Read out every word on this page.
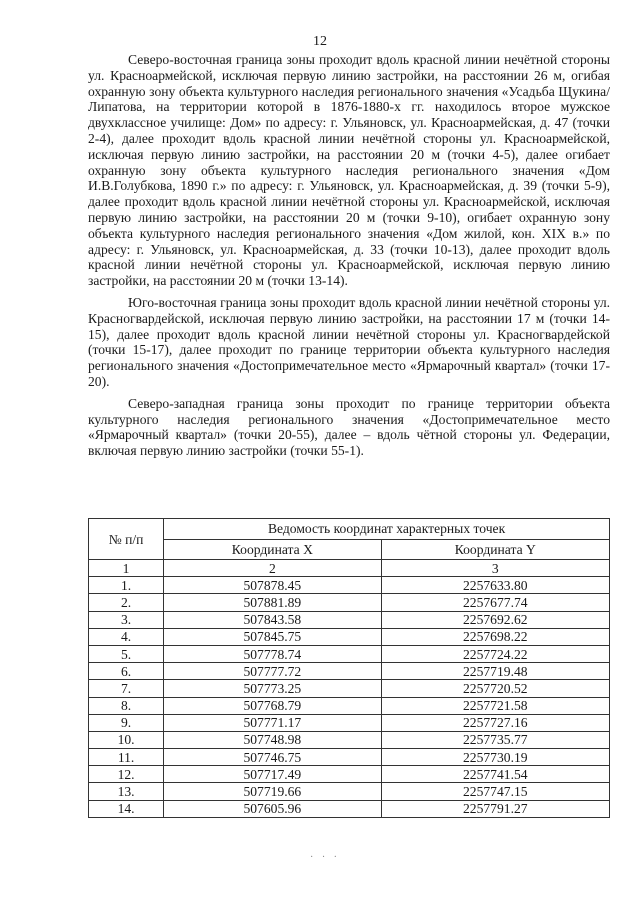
12

Северо-восточная граница зоны проходит вдоль красной линии нечётной стороны ул. Красноармейской, исключая первую линию застройки, на расстоянии 26 м, огибая охранную зону объекта культурного наследия регионального значения «Усадьба Щукина/Липатова, на территории которой в 1876-1880-х гг. находилось второе мужское двухклассное училище: Дом» по адресу: г. Ульяновск, ул. Красноармейская, д. 47 (точки 2-4), далее проходит вдоль красной линии нечётной стороны ул. Красноармейской, исключая первую линию застройки, на расстоянии 20 м (точки 4-5), далее огибает охранную зону объекта культурного наследия регионального значения «Дом И.В.Голубкова, 1890 г.» по адресу: г. Ульяновск, ул. Красноармейская, д. 39 (точки 5-9), далее проходит вдоль красной линии нечётной стороны ул. Красноармейской, исключая первую линию застройки, на расстоянии 20 м (точки 9-10), огибает охранную зону объекта культурного наследия регионального значения «Дом жилой, кон. XIX в.» по адресу: г. Ульяновск, ул. Красноармейская, д. 33 (точки 10-13), далее проходит вдоль красной линии нечётной стороны ул. Красноармейской, исключая первую линию застройки, на расстоянии 20 м (точки 13-14).

Юго-восточная граница зоны проходит вдоль красной линии нечётной стороны ул. Красногвардейской, исключая первую линию застройки, на расстоянии 17 м (точки 14-15), далее проходит вдоль красной линии нечётной стороны ул. Красногвардейской (точки 15-17), далее проходит по границе территории объекта культурного наследия регионального значения «Достопримечательное место «Ярмарочный квартал» (точки 17-20).

Северо-западная граница зоны проходит по границе территории объекта культурного наследия регионального значения «Достопримечательное место «Ярмарочный квартал» (точки 20-55), далее – вдоль чётной стороны ул. Федерации, включая первую линию застройки (точки 55-1).

№ п/п	Ведомость координат характерных точек	
	Координата X	Координата Y
1	2	3
1.	507878.45	2257633.80
2.	507881.89	2257677.74
3.	507843.58	2257692.62
4.	507845.75	2257698.22
5.	507778.74	2257724.22
6.	507777.72	2257719.48
7.	507773.25	2257720.52
8.	507768.79	2257721.58
9.	507771.17	2257727.16
10.	507748.98	2257735.77
11.	507746.75	2257730.19
12.	507717.49	2257741.54
13.	507719.66	2257747.15
14.	507605.96	2257791.27
· · ·
